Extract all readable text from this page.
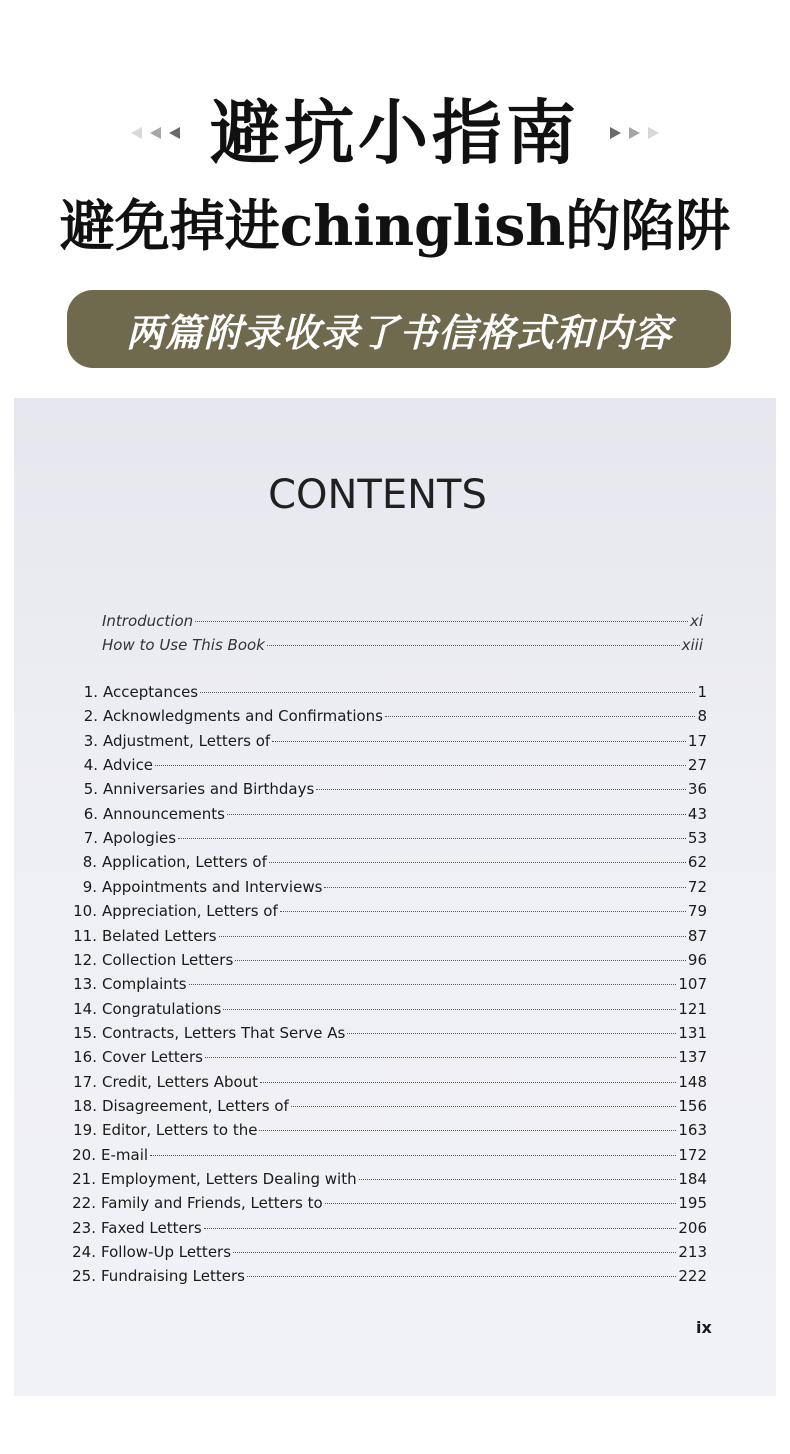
避坑小指南
避免掉进chinglish的陷阱
两篇附录收录了书信格式和内容
CONTENTS
Introduction	xi
How to Use This Book	xiii
1. Acceptances	1
2. Acknowledgments and Confirmations	8
3. Adjustment, Letters of	17
4. Advice	27
5. Anniversaries and Birthdays	36
6. Announcements	43
7. Apologies	53
8. Application, Letters of	62
9. Appointments and Interviews	72
10. Appreciation, Letters of	79
11. Belated Letters	87
12. Collection Letters	96
13. Complaints	107
14. Congratulations	121
15. Contracts, Letters That Serve As	131
16. Cover Letters	137
17. Credit, Letters About	148
18. Disagreement, Letters of	156
19. Editor, Letters to the	163
20. E-mail	172
21. Employment, Letters Dealing with	184
22. Family and Friends, Letters to	195
23. Faxed Letters	206
24. Follow-Up Letters	213
25. Fundraising Letters	222
ix
